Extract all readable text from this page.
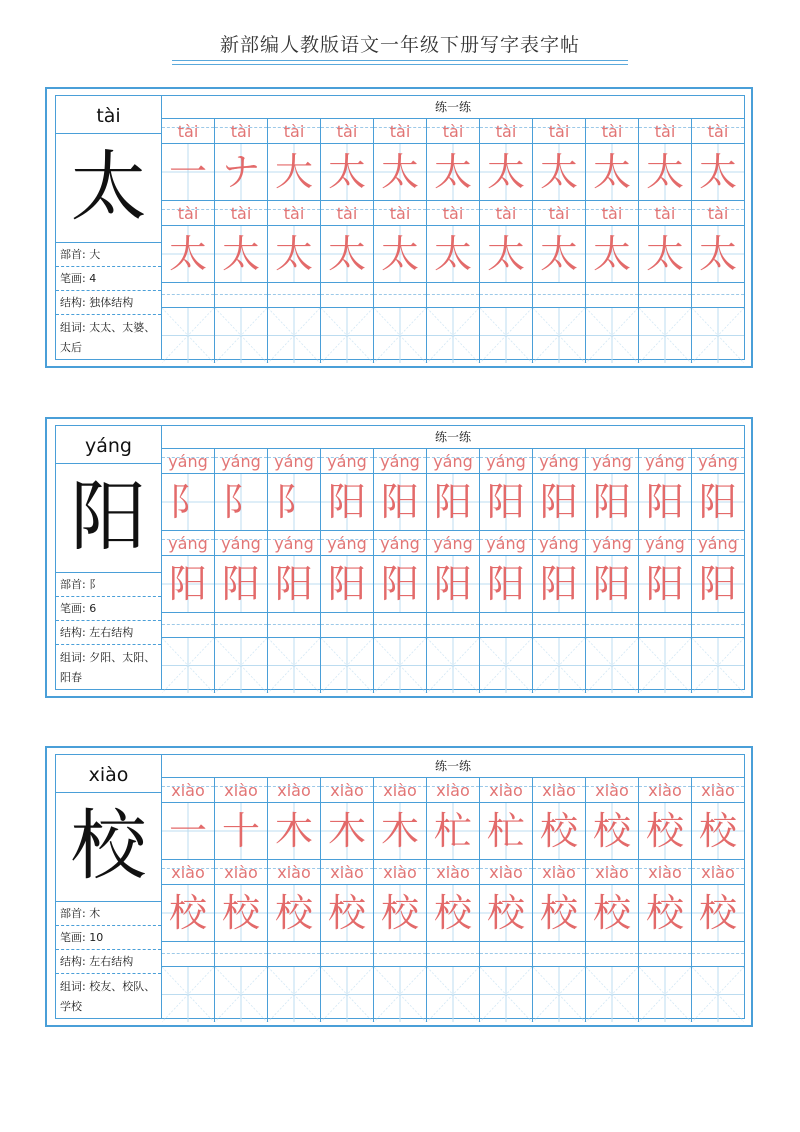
新部编人教版语文一年级下册写字表字帖
tài
太
部首: 大
笔画: 4
结构: 独体结构
组词: 太太、太婆、太后
练一练
tài	tài	tài	tài	tài	tài	tài	tài	tài	tài	tài
一 ナ 大 太 太 太 太 太 太 太 太
tài	tài	tài	tài	tài	tài	tài	tài	tài	tài	tài
太 太 太 太 太 太 太 太 太 太 太
yáng
阳
部首: 阝
笔画: 6
结构: 左右结构
组词: 夕阳、太阳、阳春
练一练
yáng yáng yáng yáng yáng yáng yáng yáng yáng yáng yáng
阝 阝 阝 阳 阳 阳 阳 阳 阳 阳 阳
yáng yáng yáng yáng yáng yáng yáng yáng yáng yáng yáng
阳 阳 阳 阳 阳 阳 阳 阳 阳 阳 阳
xiào
校
部首: 木
笔画: 10
结构: 左右结构
组词: 校友、校队、学校
练一练
xiào	xiào	xiào	xiào	xiào	xiào	xiào	xiào	xiào	xiào	xiào
一 十 木 木 木 杧 杧 校 校 校 校
xiào	xiào	xiào	xiào	xiào	xiào	xiào	xiào	xiào	xiào	xiào
校 校 校 校 校 校 校 校 校 校 校
